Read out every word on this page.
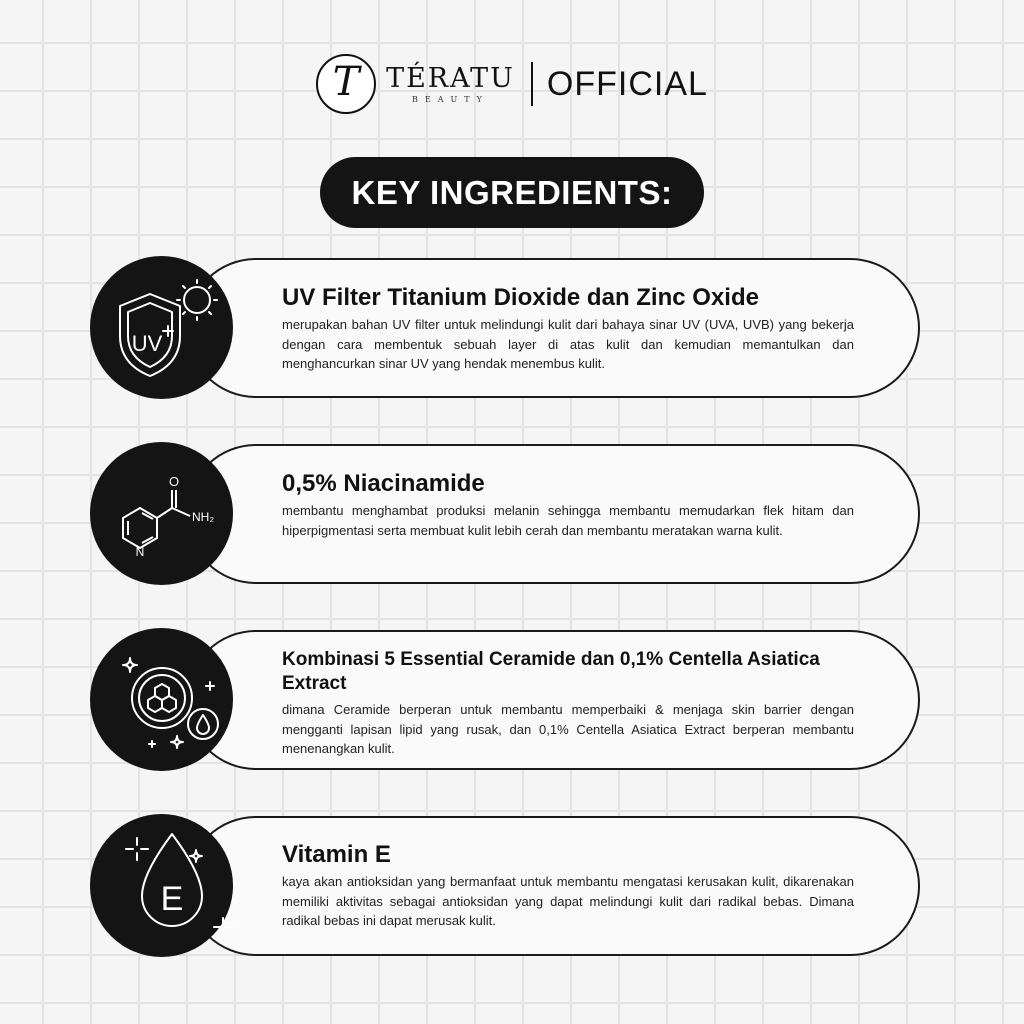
T TÉRATU
BEAUTY OFFICIAL
KEY INGREDIENTS:
UV
UV Filter Titanium Dioxide dan Zinc Oxide

merupakan bahan UV filter untuk melindungi kulit dari bahaya sinar UV (UVA, UVB) yang bekerja dengan cara membentuk sebuah layer di atas kulit dan kemudian memantulkan dan menghancurkan sinar UV yang hendak menembus kulit.

O
N
NH₂
0,5% Niacinamide

membantu menghambat produksi melanin sehingga membantu memudarkan flek hitam dan hiperpigmentasi serta membuat kulit lebih cerah dan membantu meratakan warna kulit.

Kombinasi 5 Essential Ceramide dan 0,1% Centella Asiatica Extract

dimana Ceramide berperan untuk membantu memperbaiki & menjaga skin barrier dengan mengganti lapisan lipid yang rusak, dan 0,1% Centella Asiatica Extract berperan membantu menenangkan kulit.

E
Vitamin E

kaya akan antioksidan yang bermanfaat untuk membantu mengatasi kerusakan kulit, dikarenakan memiliki aktivitas sebagai antioksidan yang dapat melindungi kulit dari radikal bebas. Dimana radikal bebas ini dapat merusak kulit.
